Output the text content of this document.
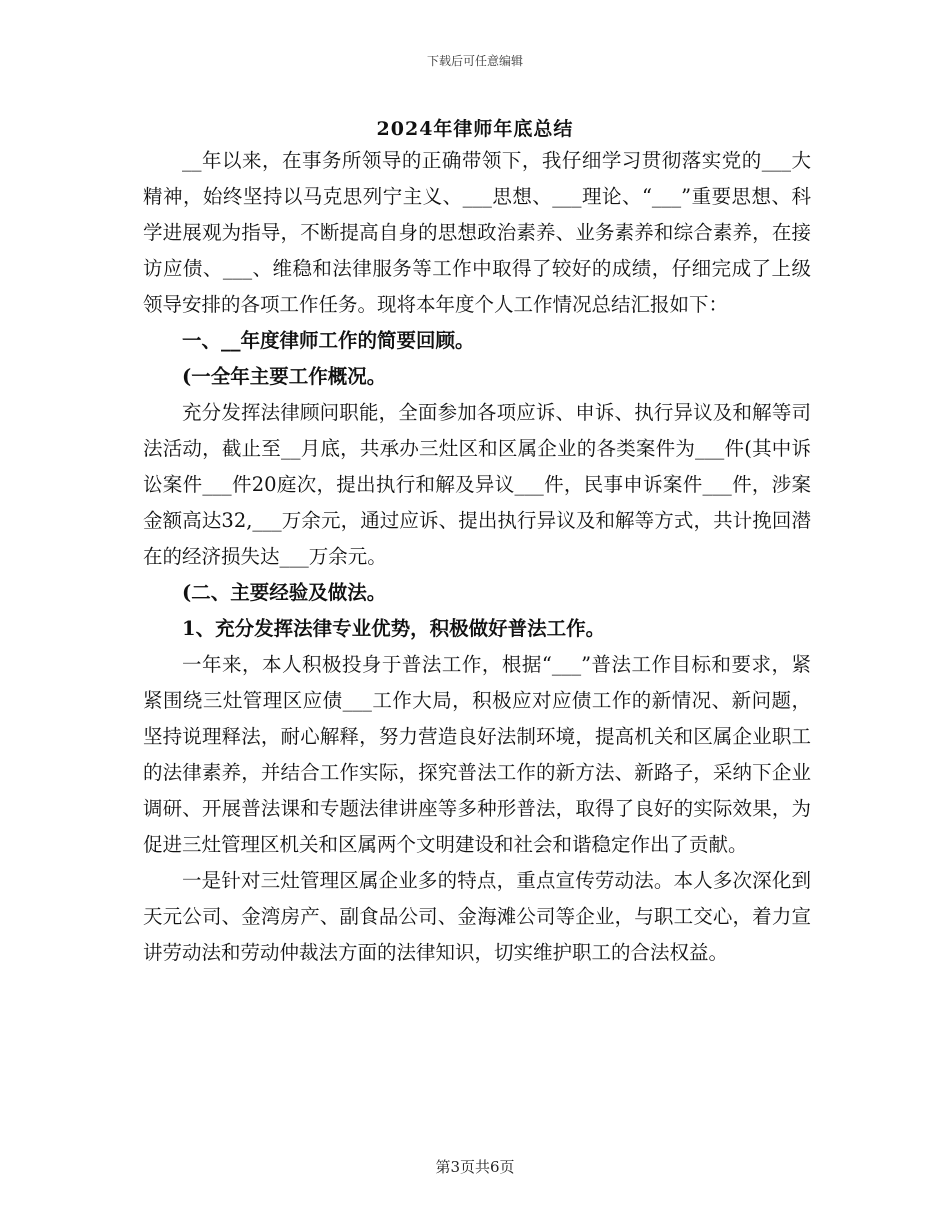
下载后可任意编辑
2024年律师年底总结

__年以来，在事务所领导的正确带领下，我仔细学习贯彻落实党的___大精神，始终坚持以马克思列宁主义、___思想、___理论、“___”重要思想、科学进展观为指导，不断提高自身的思想政治素养、业务素养和综合素养，在接访应债、___、维稳和法律服务等工作中取得了较好的成绩，仔细完成了上级领导安排的各项工作任务。现将本年度个人工作情况总结汇报如下：

一、__年度律师工作的简要回顾。

(一全年主要工作概况。

充分发挥法律顾问职能，全面参加各项应诉、申诉、执行异议及和解等司法活动，截止至__月底，共承办三灶区和区属企业的各类案件为___件(其中诉讼案件___件20庭次，提出执行和解及异议___件，民事申诉案件___件，涉案金额高达32,___万余元，通过应诉、提出执行异议及和解等方式，共计挽回潜在的经济损失达___万余元。

(二、主要经验及做法。

1、充分发挥法律专业优势，积极做好普法工作。

一年来，本人积极投身于普法工作，根据“___”普法工作目标和要求，紧紧围绕三灶管理区应债___工作大局，积极应对应债工作的新情况、新问题，坚持说理释法，耐心解释，努力营造良好法制环境，提高机关和区属企业职工的法律素养，并结合工作实际，探究普法工作的新方法、新路子，采纳下企业调研、开展普法课和专题法律讲座等多种形普法，取得了良好的实际效果，为促进三灶管理区机关和区属两个文明建设和社会和谐稳定作出了贡献。

一是针对三灶管理区属企业多的特点，重点宣传劳动法。本人多次深化到天元公司、金湾房产、副食品公司、金海滩公司等企业，与职工交心，着力宣讲劳动法和劳动仲裁法方面的法律知识，切实维护职工的合法权益。

第3页共6页
